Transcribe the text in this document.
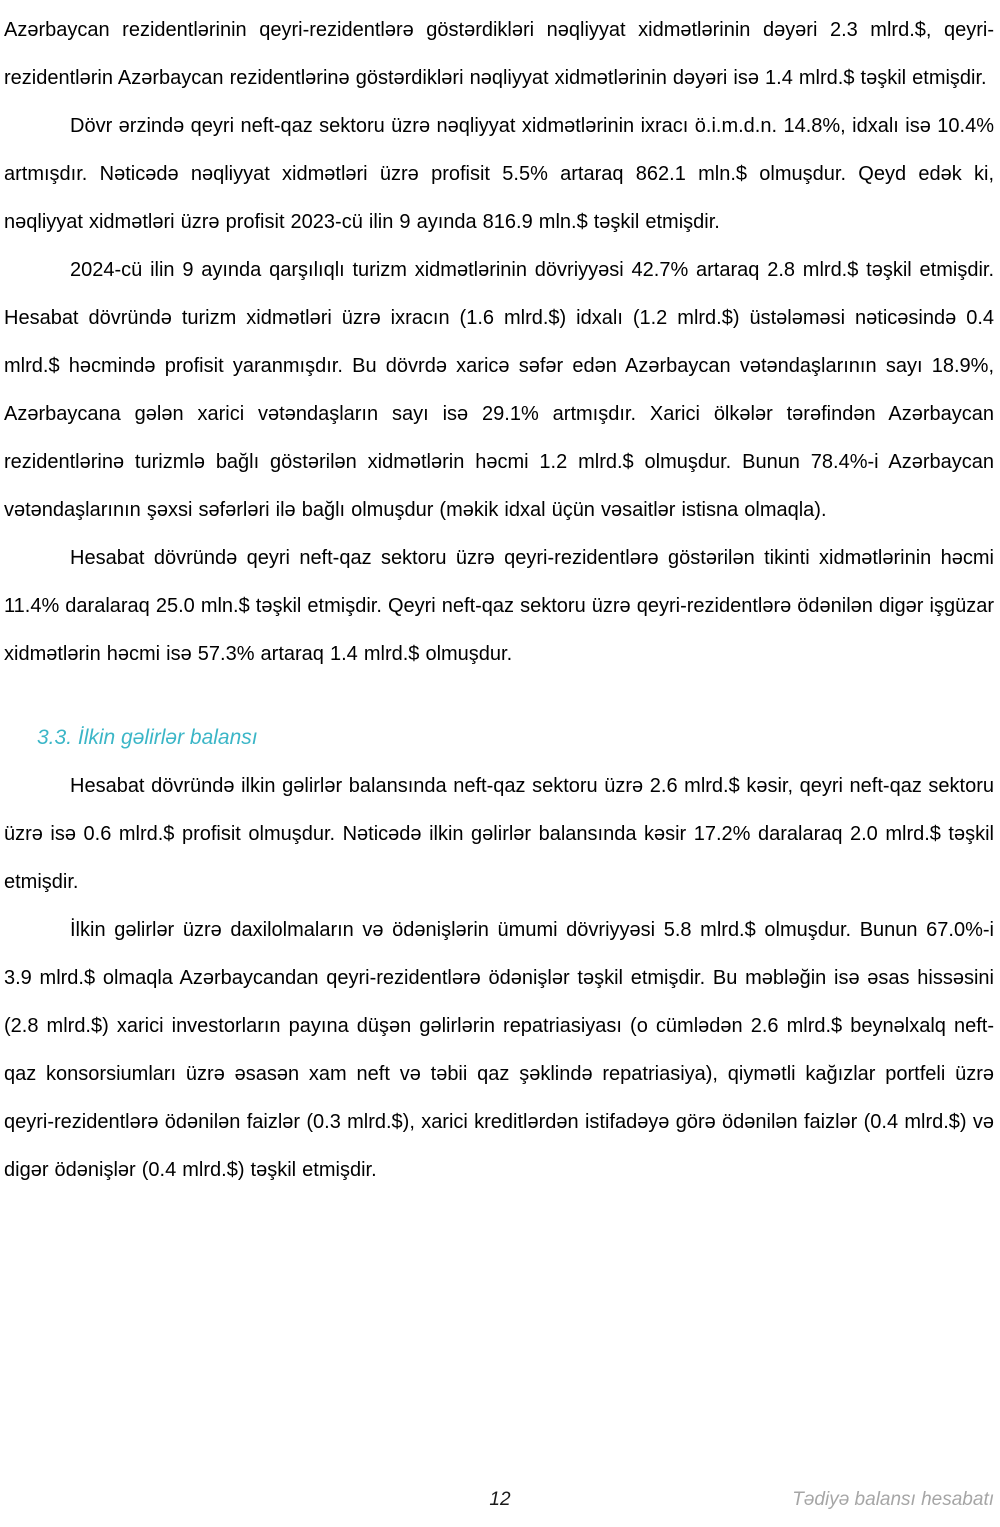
Azərbaycan rezidentlərinin qeyri-rezidentlərə göstərdikləri nəqliyyat xidmətlərinin dəyəri 2.3 mlrd.$, qeyri-rezidentlərin Azərbaycan rezidentlərinə göstərdikləri nəqliyyat xidmətlərinin dəyəri isə 1.4 mlrd.$ təşkil etmişdir.

Dövr ərzində qeyri neft-qaz sektoru üzrə nəqliyyat xidmətlərinin ixracı ö.i.m.d.n. 14.8%, idxalı isə 10.4% artmışdır. Nəticədə nəqliyyat xidmətləri üzrə profisit 5.5% artaraq 862.1 mln.$ olmuşdur. Qeyd edək ki, nəqliyyat xidmətləri üzrə profisit 2023-cü ilin 9 ayında 816.9 mln.$ təşkil etmişdir.

2024-cü ilin 9 ayında qarşılıqlı turizm xidmətlərinin dövriyyəsi 42.7% artaraq 2.8 mlrd.$ təşkil etmişdir. Hesabat dövründə turizm xidmətləri üzrə ixracın (1.6 mlrd.$) idxalı (1.2 mlrd.$) üstələməsi nəticəsində 0.4 mlrd.$ həcmində profisit yaranmışdır. Bu dövrdə xaricə səfər edən Azərbaycan vətəndaşlarının sayı 18.9%, Azərbaycana gələn xarici vətəndaşların sayı isə 29.1% artmışdır. Xarici ölkələr tərəfindən Azərbaycan rezidentlərinə turizmlə bağlı göstərilən xidmətlərin həcmi 1.2 mlrd.$ olmuşdur. Bunun 78.4%-i Azərbaycan vətəndaşlarının şəxsi səfərləri ilə bağlı olmuşdur (məkik idxal üçün vəsaitlər istisna olmaqla).

Hesabat dövründə qeyri neft-qaz sektoru üzrə qeyri-rezidentlərə göstərilən tikinti xidmətlərinin həcmi 11.4% daralaraq 25.0 mln.$ təşkil etmişdir. Qeyri neft-qaz sektoru üzrə qeyri-rezidentlərə ödənilən digər işgüzar xidmətlərin həcmi isə 57.3% artaraq 1.4 mlrd.$ olmuşdur.

3.3. İlkin gəlirlər balansı

Hesabat dövründə ilkin gəlirlər balansında neft-qaz sektoru üzrə 2.6 mlrd.$ kəsir, qeyri neft-qaz sektoru üzrə isə 0.6 mlrd.$ profisit olmuşdur. Nəticədə ilkin gəlirlər balansında kəsir 17.2% daralaraq 2.0 mlrd.$ təşkil etmişdir.

İlkin gəlirlər üzrə daxilolmaların və ödənişlərin ümumi dövriyyəsi 5.8 mlrd.$ olmuşdur. Bunun 67.0%-i 3.9 mlrd.$ olmaqla Azərbaycandan qeyri-rezidentlərə ödənişlər təşkil etmişdir. Bu məbləğin isə əsas hissəsini (2.8 mlrd.$) xarici investorların payına düşən gəlirlərin repatriasiyası (o cümlədən 2.6 mlrd.$ beynəlxalq neft-qaz konsorsiumları üzrə əsasən xam neft və təbii qaz şəklində repatriasiya), qiymətli kağızlar portfeli üzrə qeyri-rezidentlərə ödənilən faizlər (0.3 mlrd.$), xarici kreditlərdən istifadəyə görə ödənilən faizlər (0.4 mlrd.$) və digər ödənişlər (0.4 mlrd.$) təşkil etmişdir.

12	Tədiyə balansı hesabatı
